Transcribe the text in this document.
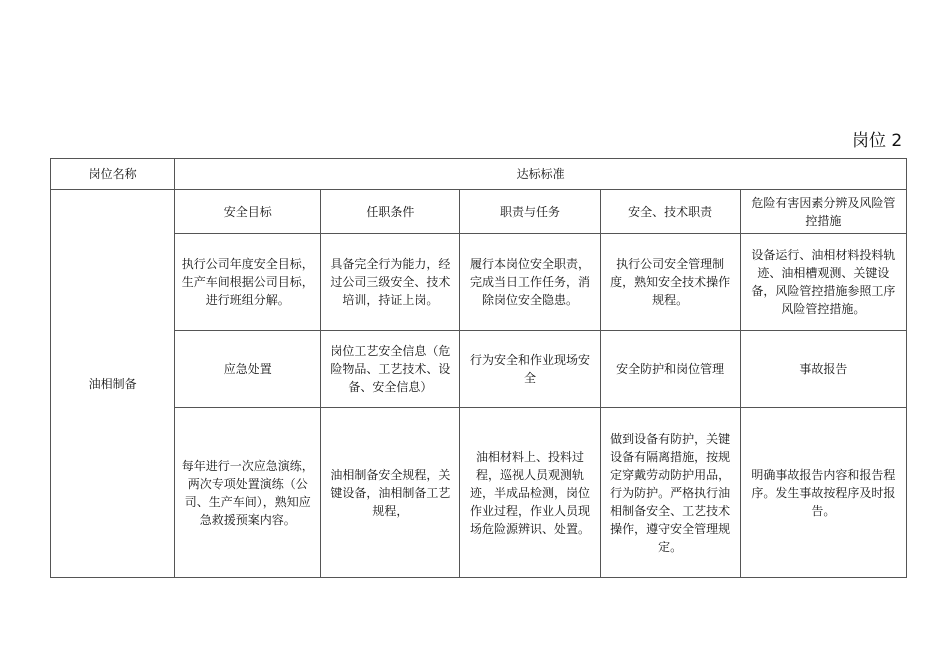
岗位 2
岗位名称	达标标准				
油相制备	安全目标	任职条件	职责与任务	安全、技术职责	危险有害因素分辨及风险管控措施
	执行公司年度安全目标，生产车间根据公司目标，进行班组分解。	具备完全行为能力，经过公司三级安全、技术培训，持证上岗。	履行本岗位安全职责，完成当日工作任务，消除岗位安全隐患。	执行公司安全管理制度，熟知安全技术操作规程。	设备运行、油相材料投料轨迹、油相槽观测、关键设备，风险管控措施参照工序风险管控措施。
	应急处置	岗位工艺安全信息（危险物品、工艺技术、设备、安全信息）	行为安全和作业现场安全	安全防护和岗位管理	事故报告
	每年进行一次应急演练，两次专项处置演练（公司、生产车间），熟知应急救援预案内容。	油相制备安全规程，关键设备，油相制备工艺规程，	油相材料上、投料过程，巡视人员观测轨迹，半成品检测，岗位作业过程，作业人员现场危险源辨识、处置。	做到设备有防护，关键设备有隔离措施，按规定穿戴劳动防护用品，行为防护。严格执行油相制备安全、工艺技术操作，遵守安全管理规定。	明确事故报告内容和报告程序。发生事故按程序及时报告。
